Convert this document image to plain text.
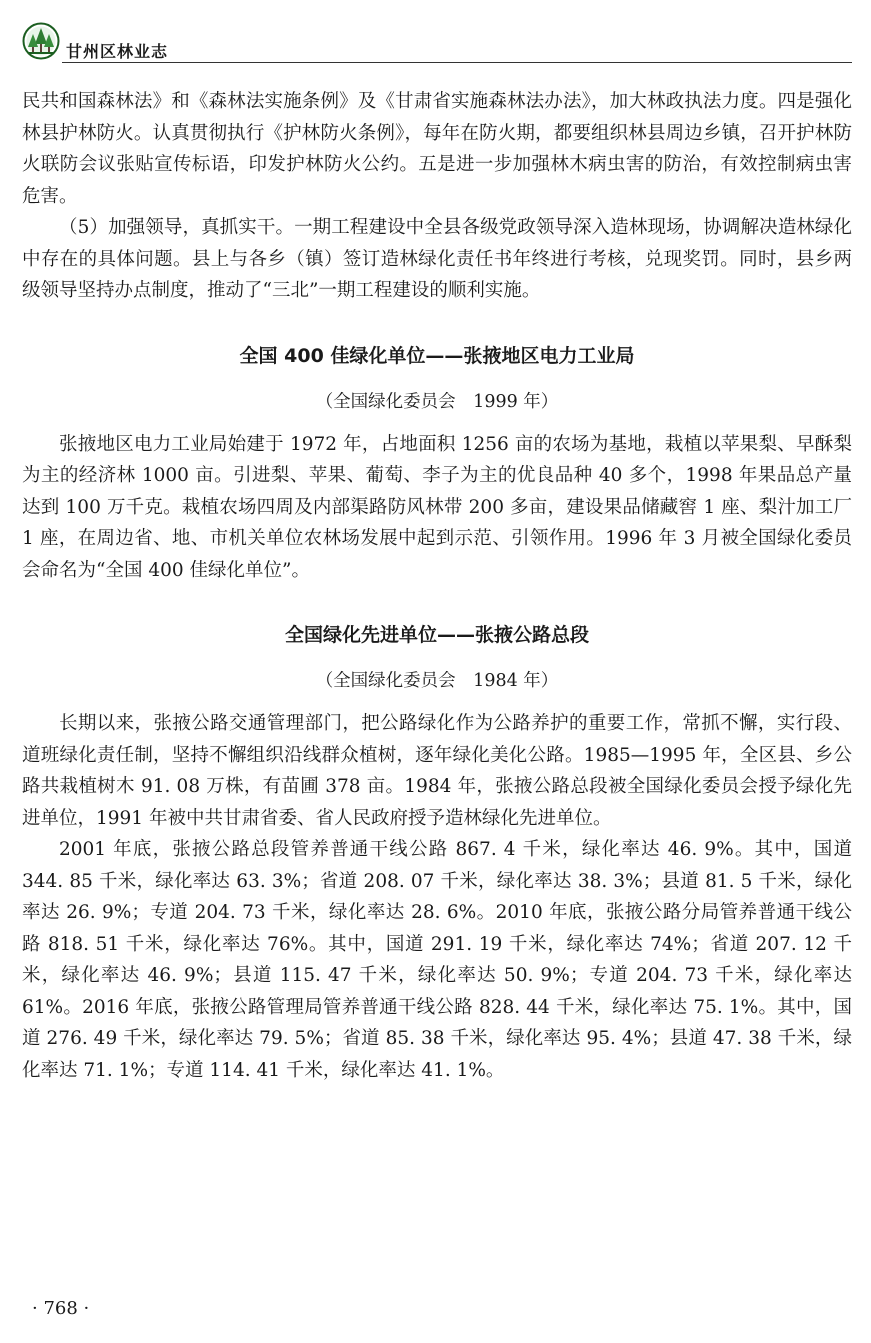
甘州区林业志

民共和国森林法》和《森林法实施条例》及《甘肃省实施森林法办法》，加大林政执法力度。四是强化林县护林防火。认真贯彻执行《护林防火条例》，每年在防火期，都要组织林县周边乡镇，召开护林防火联防会议张贴宣传标语，印发护林防火公约。五是进一步加强林木病虫害的防治，有效控制病虫害危害。

（5）加强领导，真抓实干。一期工程建设中全县各级党政领导深入造林现场，协调解决造林绿化中存在的具体问题。县上与各乡（镇）签订造林绿化责任书年终进行考核，兑现奖罚。同时，县乡两级领导坚持办点制度，推动了“三北”一期工程建设的顺利实施。

全国 400 佳绿化单位——张掖地区电力工业局
（全国绿化委员会　1999 年）

张掖地区电力工业局始建于 1972 年，占地面积 1256 亩的农场为基地，栽植以苹果梨、早酥梨为主的经济林 1000 亩。引进梨、苹果、葡萄、李子为主的优良品种 40 多个，1998 年果品总产量达到 100 万千克。栽植农场四周及内部渠路防风林带 200 多亩，建设果品储藏窖 1 座、梨汁加工厂 1 座，在周边省、地、市机关单位农林场发展中起到示范、引领作用。1996 年 3 月被全国绿化委员会命名为“全国 400 佳绿化单位”。

全国绿化先进单位——张掖公路总段
（全国绿化委员会　1984 年）

长期以来，张掖公路交通管理部门，把公路绿化作为公路养护的重要工作，常抓不懈，实行段、道班绿化责任制，坚持不懈组织沿线群众植树，逐年绿化美化公路。1985—1995 年，全区县、乡公路共栽植树木 91. 08 万株，有苗圃 378 亩。1984 年，张掖公路总段被全国绿化委员会授予绿化先进单位，1991 年被中共甘肃省委、省人民政府授予造林绿化先进单位。

2001 年底，张掖公路总段管养普通干线公路 867. 4 千米，绿化率达 46. 9%。其中，国道 344. 85 千米，绿化率达 63. 3%；省道 208. 07 千米，绿化率达 38. 3%；县道 81. 5 千米，绿化率达 26. 9%；专道 204. 73 千米，绿化率达 28. 6%。2010 年底，张掖公路分局管养普通干线公路 818. 51 千米，绿化率达 76%。其中，国道 291. 19 千米，绿化率达 74%；省道 207. 12 千米，绿化率达 46. 9%；县道 115. 47 千米，绿化率达 50. 9%；专道 204. 73 千米，绿化率达 61%。2016 年底，张掖公路管理局管养普通干线公路 828. 44 千米，绿化率达 75. 1%。其中，国道 276. 49 千米，绿化率达 79. 5%；省道 85. 38 千米，绿化率达 95. 4%；县道 47. 38 千米，绿化率达 71. 1%；专道 114. 41 千米，绿化率达 41. 1%。

· 768 ·
